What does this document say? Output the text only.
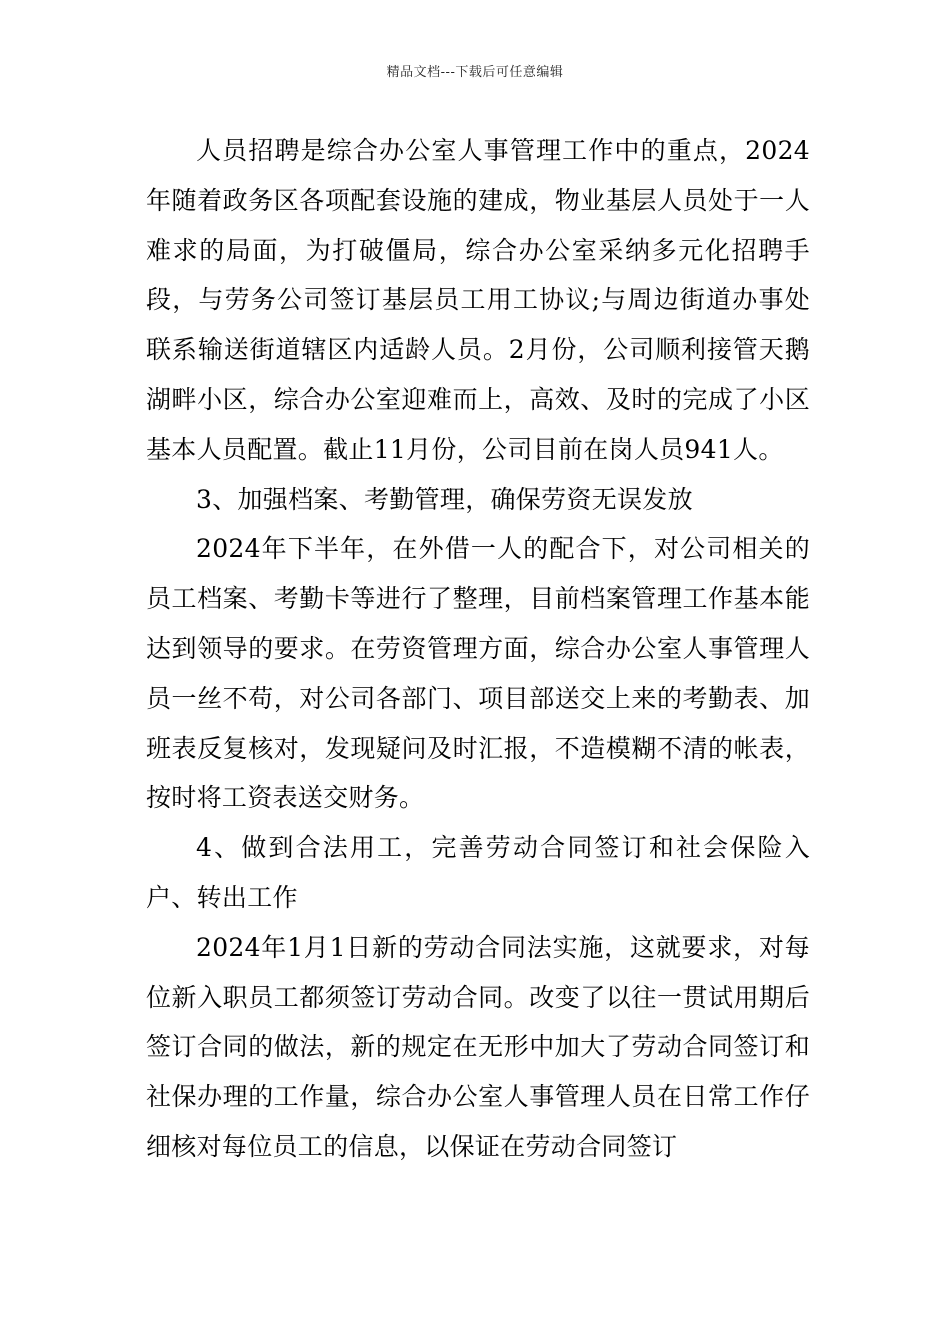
精品文档---下载后可任意编辑

人员招聘是综合办公室人事管理工作中的重点，2024年随着政务区各项配套设施的建成，物业基层人员处于一人难求的局面，为打破僵局，综合办公室采纳多元化招聘手段，与劳务公司签订基层员工用工协议;与周边街道办事处联系输送街道辖区内适龄人员。2月份，公司顺利接管天鹅湖畔小区，综合办公室迎难而上，高效、及时的完成了小区基本人员配置。截止11月份，公司目前在岗人员941人。

3、加强档案、考勤管理，确保劳资无误发放

2024年下半年，在外借一人的配合下，对公司相关的员工档案、考勤卡等进行了整理，目前档案管理工作基本能达到领导的要求。在劳资管理方面，综合办公室人事管理人员一丝不苟，对公司各部门、项目部送交上来的考勤表、加班表反复核对，发现疑问及时汇报，不造模糊不清的帐表，按时将工资表送交财务。

4、做到合法用工，完善劳动合同签订和社会保险入户、转出工作

2024年1月1日新的劳动合同法实施，这就要求，对每位新入职员工都须签订劳动合同。改变了以往一贯试用期后签订合同的做法，新的规定在无形中加大了劳动合同签订和社保办理的工作量，综合办公室人事管理人员在日常工作仔细核对每位员工的信息，以保证在劳动合同签订
